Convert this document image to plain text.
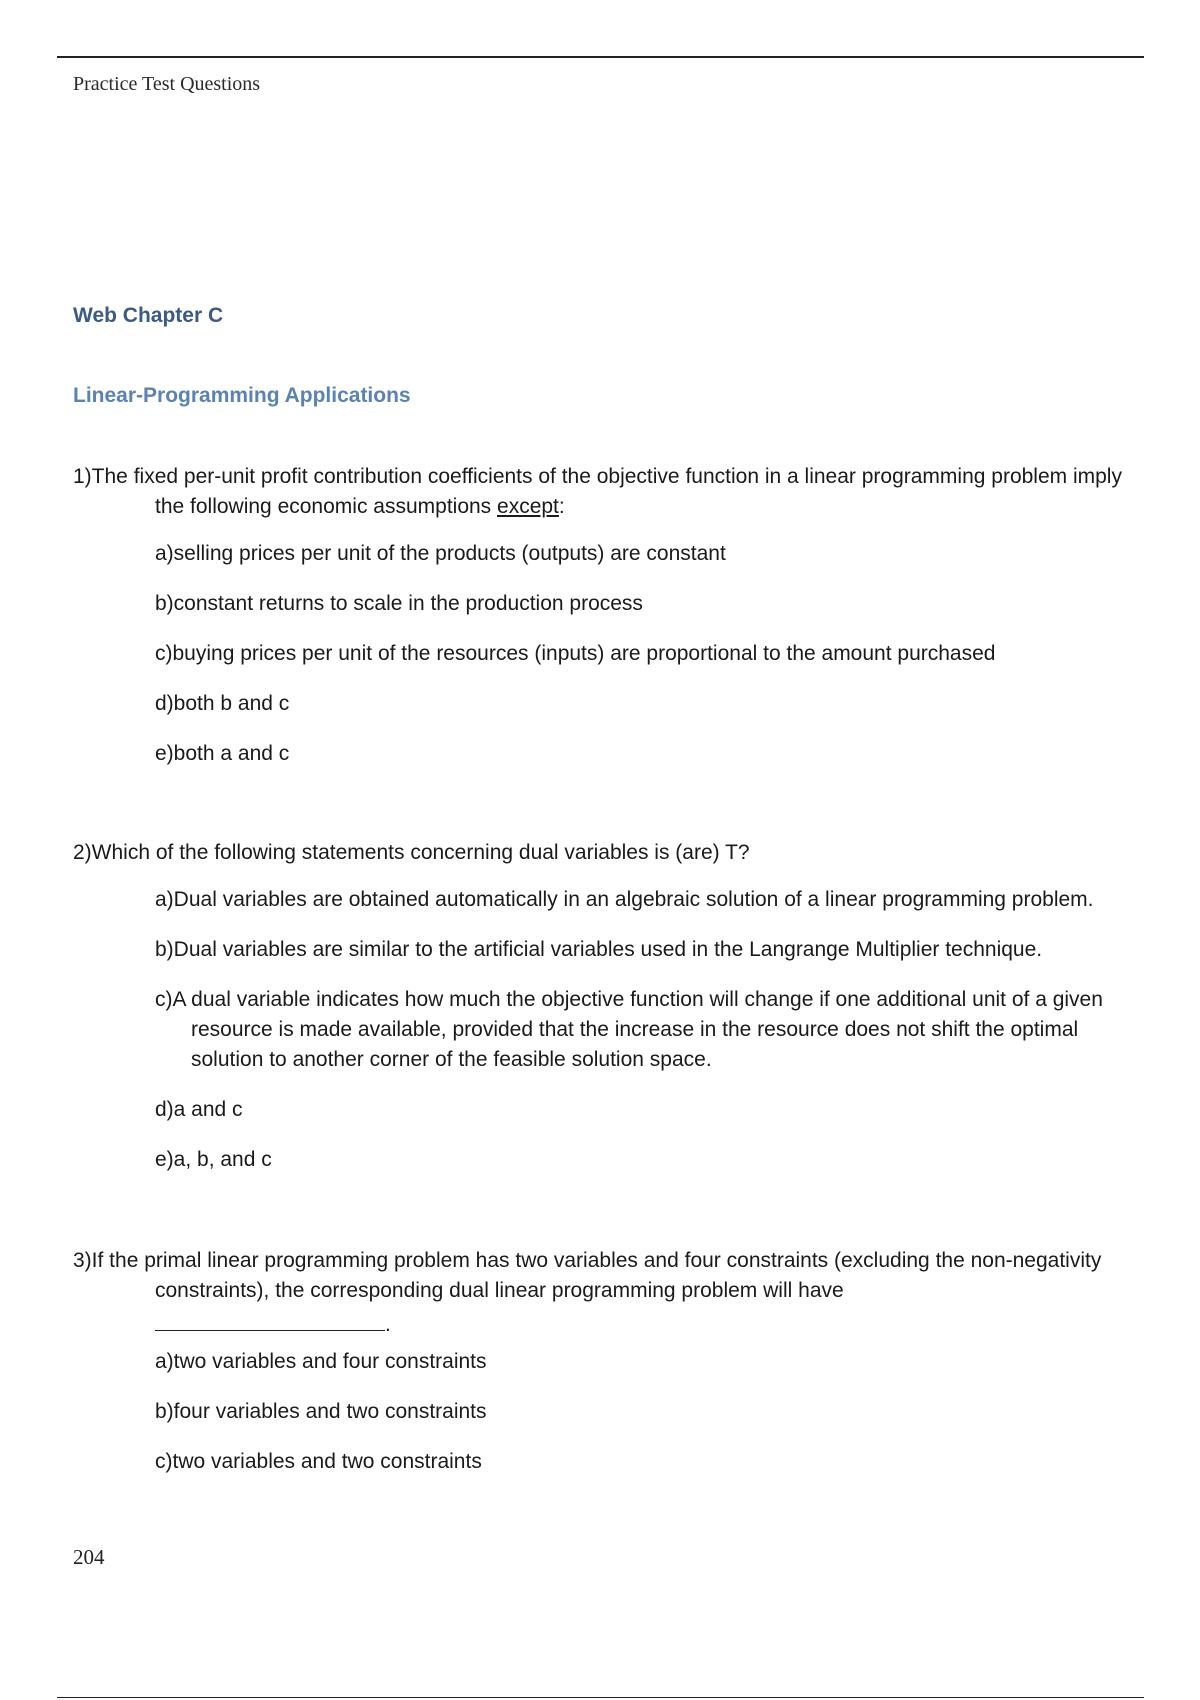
Practice Test Questions
Web Chapter C
Linear-Programming Applications

1)The fixed per-unit profit contribution coefficients of the objective function in a linear programming problem imply the following economic assumptions except:

a)selling prices per unit of the products (outputs) are constant
b)constant returns to scale in the production process
c)buying prices per unit of the resources (inputs) are proportional to the amount purchased
d)both b and c
e)both a and c

2)Which of the following statements concerning dual variables is (are) T?

a)Dual variables are obtained automatically in an algebraic solution of a linear programming problem.
b)Dual variables are similar to the artificial variables used in the Langrange Multiplier technique.
c)A dual variable indicates how much the objective function will change if one additional unit of a given resource is made available, provided that the increase in the resource does not shift the optimal solution to another corner of the feasible solution space.
d)a and c
e)a, b, and c

3)If the primal linear programming problem has two variables and four constraints (excluding the non-negativity constraints), the corresponding dual linear programming problem will have

.
a)two variables and four constraints
b)four variables and two constraints
c)two variables and two constraints
204
